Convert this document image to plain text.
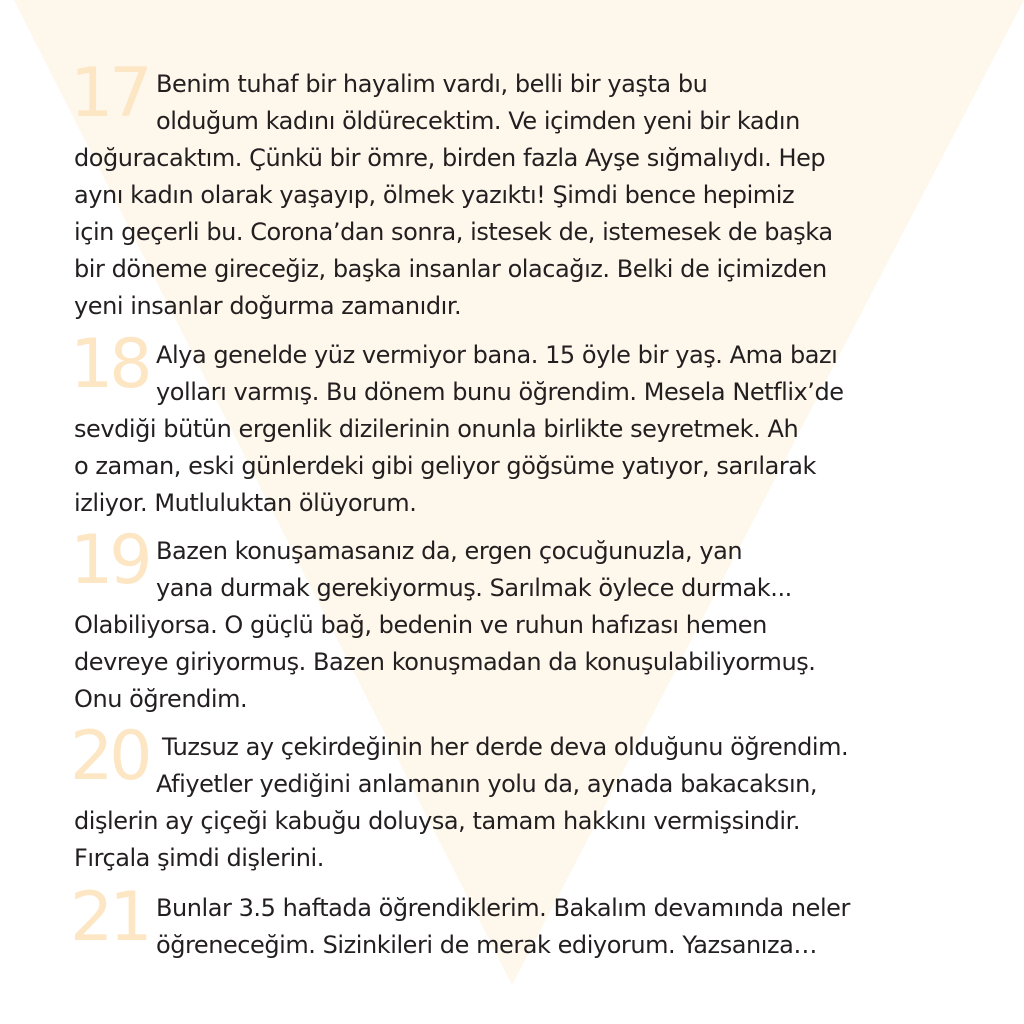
17 Benim tuhaf bir hayalim vardı, belli bir yaşta bu
olduğum kadını öldürecektim. Ve içimden yeni bir kadın
doğuracaktım. Çünkü bir ömre, birden fazla Ayşe sığmalıydı. Hep
aynı kadın olarak yaşayıp, ölmek yazıktı! Şimdi bence hepimiz
için geçerli bu. Corona’dan sonra, istesek de, istemesek de başka
bir döneme gireceğiz, başka insanlar olacağız. Belki de içimizden
yeni insanlar doğurma zamanıdır.
18 Alya genelde yüz vermiyor bana. 15 öyle bir yaş. Ama bazı
yolları varmış. Bu dönem bunu öğrendim. Mesela Netflix’de
sevdiği bütün ergenlik dizilerinin onunla birlikte seyretmek. Ah
o zaman, eski günlerdeki gibi geliyor göğsüme yatıyor, sarılarak
izliyor. Mutluluktan ölüyorum.
19 Bazen konuşamasanız da, ergen çocuğunuzla, yan
yana durmak gerekiyormuş. Sarılmak öylece durmak...
Olabiliyorsa. O güçlü bağ, bedenin ve ruhun hafızası hemen
devreye giriyormuş. Bazen konuşmadan da konuşulabiliyormuş.
Onu öğrendim.
20 Tuzsuz ay çekirdeğinin her derde deva olduğunu öğrendim.
Afiyetler yediğini anlamanın yolu da, aynada bakacaksın,
dişlerin ay çiçeği kabuğu doluysa, tamam hakkını vermişsindir.
Fırçala şimdi dişlerini.
21 Bunlar 3.5 haftada öğrendiklerim. Bakalım devamında neler
öğreneceğim. Sizinkileri de merak ediyorum. Yazsanıza…
